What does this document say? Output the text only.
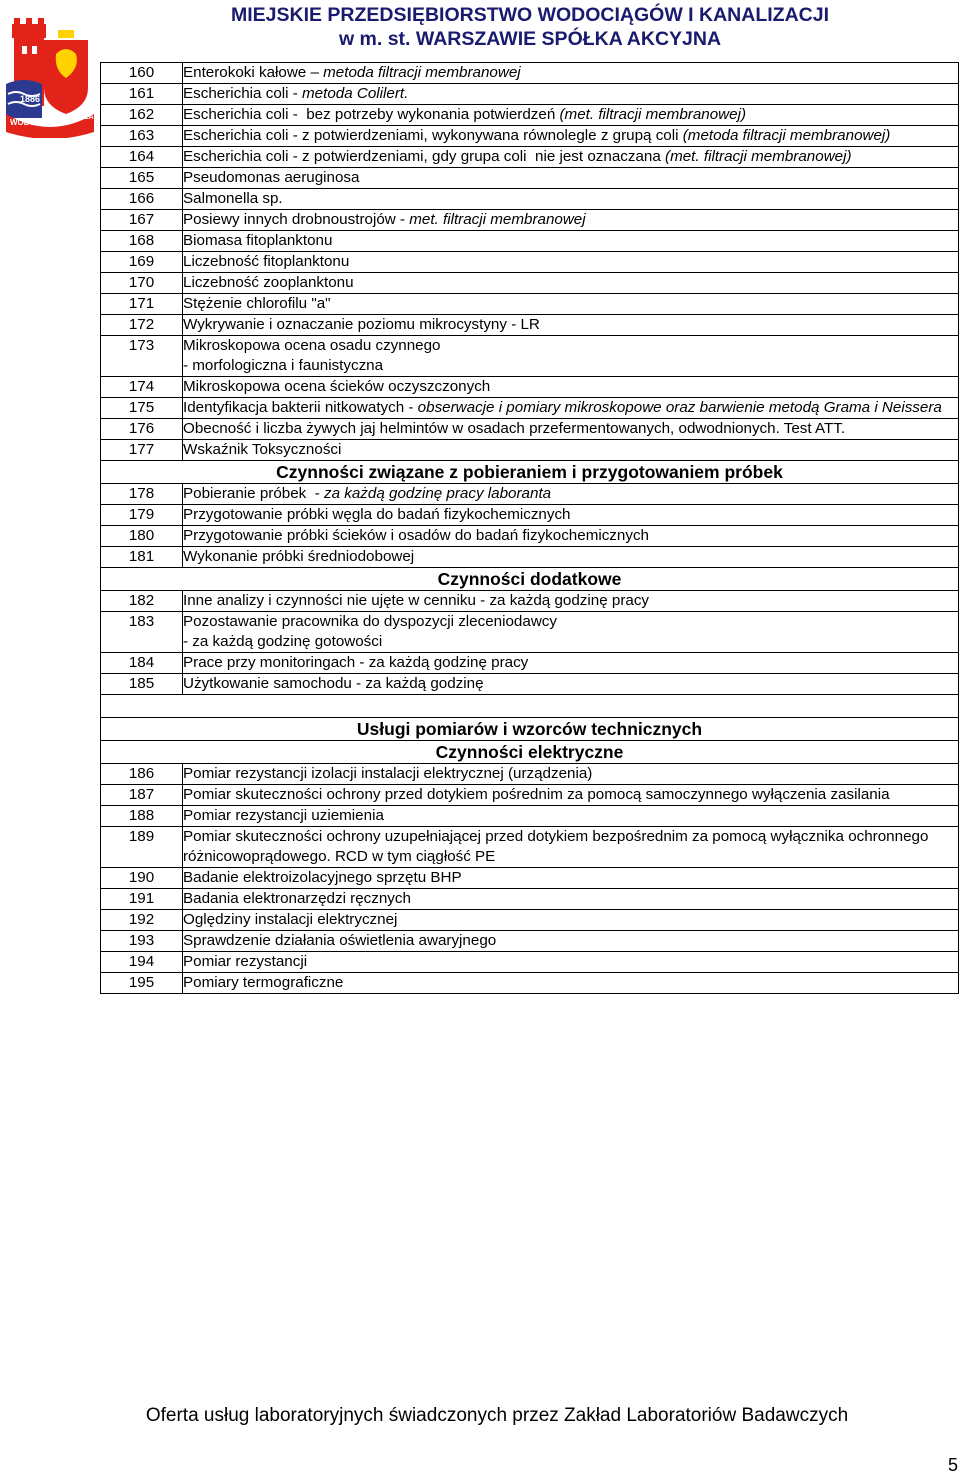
1886
WODOCIĄGI
I KANALIZACJA
MIEJSKIE PRZEDSIĘBIORSTWO WODOCIĄGÓW I KANALIZACJI
w m. st. WARSZAWIE SPÓŁKA AKCYJNA
160	Enterokoki kałowe – metoda filtracji membranowej
161	Escherichia coli - metoda Colilert.
162	Escherichia coli -  bez potrzeby wykonania potwierdzeń (met. filtracji membranowej)
163	Escherichia coli - z potwierdzeniami, wykonywana równolegle z grupą coli (metoda filtracji membranowej)
164	Escherichia coli - z potwierdzeniami, gdy grupa coli  nie jest oznaczana (met. filtracji membranowej)
165	Pseudomonas aeruginosa
166	Salmonella sp.
167	Posiewy innych drobnoustrojów - met. filtracji membranowej
168	Biomasa fitoplanktonu
169	Liczebność fitoplanktonu
170	Liczebność zooplanktonu
171	Stężenie chlorofilu "a"
172	Wykrywanie i oznaczanie poziomu mikrocystyny - LR
173	Mikroskopowa ocena osadu czynnego
- morfologiczna i faunistyczna
174	Mikroskopowa ocena ścieków oczyszczonych
175	Identyfikacja bakterii nitkowatych - obserwacje i pomiary mikroskopowe oraz barwienie metodą Grama i Neissera
176	Obecność i liczba żywych jaj helmintów w osadach przefermentowanych, odwodnionych. Test ATT.
177	Wskaźnik Toksyczności
Czynności związane z pobieraniem i przygotowaniem próbek	
178	Pobieranie próbek  - za każdą godzinę pracy laboranta
179	Przygotowanie próbki węgla do badań fizykochemicznych
180	Przygotowanie próbki ścieków i osadów do badań fizykochemicznych
181	Wykonanie próbki średniodobowej
Czynności dodatkowe	
182	Inne analizy i czynności nie ujęte w cenniku - za każdą godzinę pracy
183	Pozostawanie pracownika do dyspozycji zleceniodawcy
- za każdą godzinę gotowości
184	Prace przy monitoringach - za każdą godzinę pracy
185	Użytkowanie samochodu - za każdą godzinę

Usługi pomiarów i wzorców technicznych	
Czynności elektryczne	
186	Pomiar rezystancji izolacji instalacji elektrycznej (urządzenia)
187	Pomiar skuteczności ochrony przed dotykiem pośrednim za pomocą samoczynnego wyłączenia zasilania
188	Pomiar rezystancji uziemienia
189	Pomiar skuteczności ochrony uzupełniającej przed dotykiem bezpośrednim za pomocą wyłącznika ochronnego różnicowoprądowego. RCD w tym ciągłość PE
190	Badanie elektroizolacyjnego sprzętu BHP
191	Badania elektronarzędzi ręcznych
192	Oględziny instalacji elektrycznej
193	Sprawdzenie działania oświetlenia awaryjnego
194	Pomiar rezystancji
195	Pomiary termograficzne
Oferta usług laboratoryjnych świadczonych przez Zakład Laboratoriów Badawczych
5
